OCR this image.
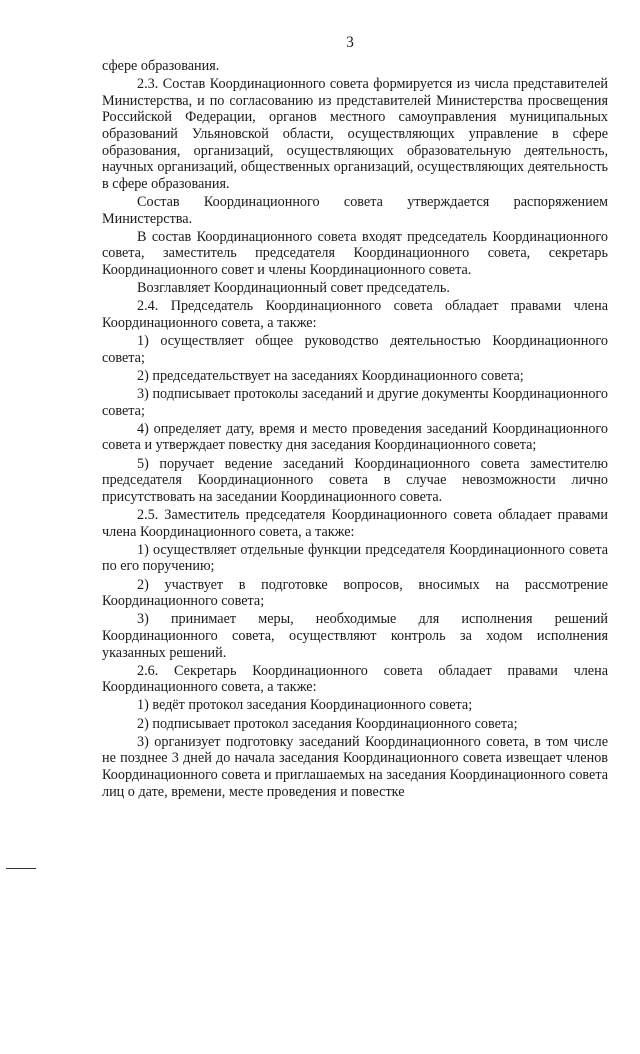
3

сфере образования.

2.3. Состав Координационного совета формируется из числа представителей Министерства, и по согласованию из представителей Министерства просвещения Российской Федерации, органов местного самоуправления муниципальных образований Ульяновской области, осуществляющих управление в сфере образования, организаций, осуществляющих образовательную деятельность, научных организаций, общественных организаций, осуществляющих деятельность в сфере образования.

Состав Координационного совета утверждается распоряжением Министерства.

В состав Координационного совета входят председатель Координационного совета, заместитель председателя Координационного совета, секретарь Координационного совет и члены Координационного совета.

Возглавляет Координационный совет председатель.

2.4. Председатель Координационного совета обладает правами члена Координационного совета, а также:

1) осуществляет общее руководство деятельностью Координационного совета;

2) председательствует на заседаниях Координационного совета;

3) подписывает протоколы заседаний и другие документы Координационного совета;

4) определяет дату, время и место проведения заседаний Координационного совета и утверждает повестку дня заседания Координационного совета;

5) поручает ведение заседаний Координационного совета заместителю председателя Координационного совета в случае невозможности лично присутствовать на заседании Координационного совета.

2.5. Заместитель председателя Координационного совета обладает правами члена Координационного совета, а также:

1) осуществляет отдельные функции председателя Координационного совета по его поручению;

2) участвует в подготовке вопросов, вносимых на рассмотрение Координационного совета;

3) принимает меры, необходимые для исполнения решений Координационного совета, осуществляют контроль за ходом исполнения указанных решений.

2.6. Секретарь Координационного совета обладает правами члена Координационного совета, а также:

1) ведёт протокол заседания Координационного совета;

2) подписывает протокол заседания Координационного совета;

3) организует подготовку заседаний Координационного совета, в том числе не позднее 3 дней до начала заседания Координационного совета извещает членов Координационного совета и приглашаемых на заседания Координационного совета лиц о дате, времени, месте проведения и повестке
